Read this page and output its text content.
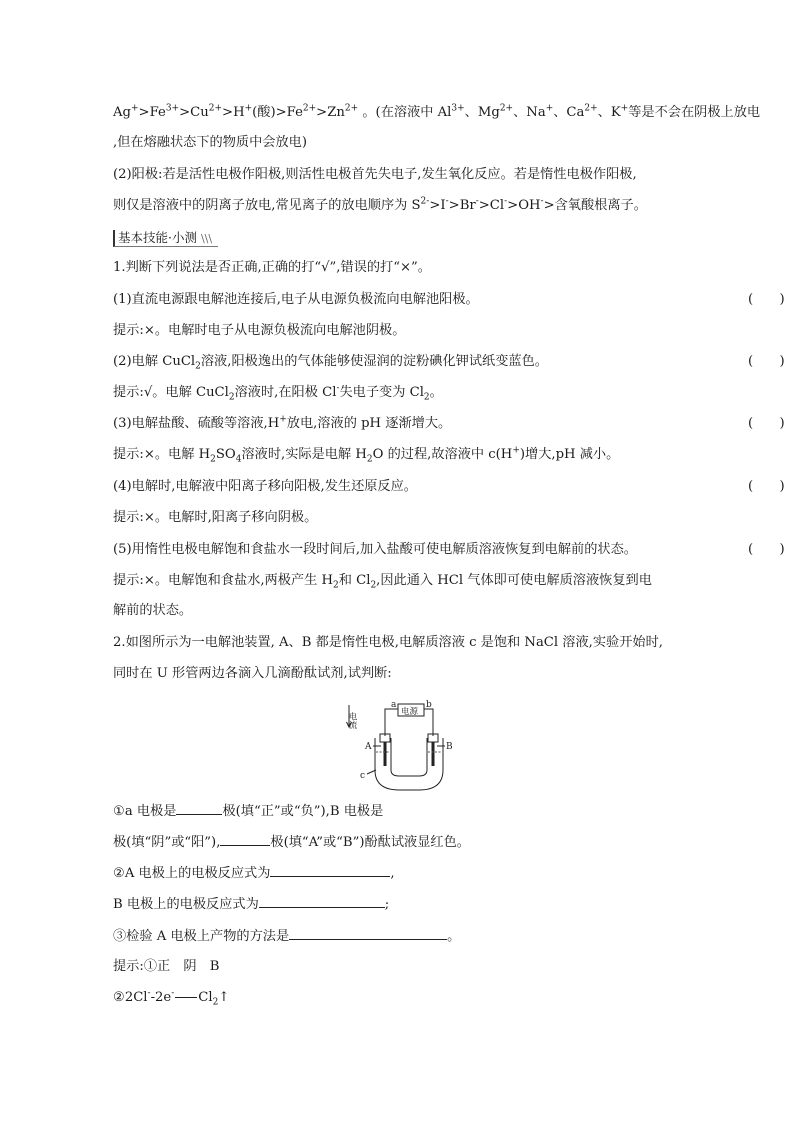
$Ag^+>Fe^{3+}>Cu^{2+}>H^+$(酸)$>Fe^{2+}>Zn^{2+}$ 。(在溶液中 $Al^{3+}$、$Mg^{2+}$、Na+、$Ca^{2+}$、K+等是不会在阴极上放电
,但在熔融状态下的物质中会放电)
(2)阳极:若是活性电极作阳极,则活性电极首先失电子,发生氧化反应。若是惰性电极作阳极,
则仅是溶液中的阴离子放电,常见离子的放电顺序为 $S^{2-}>I^->Br^->Cl^->OH^->$含氧酸根离子。
基本技能·小测 \\\
1.判断下列说法是否正确,正确的打“√”,错误的打“×”。
(1)直流电源跟电解池连接后,电子从电源负极流向电解池阳极。	(　　)
提示:×。电解时电子从电源负极流向电解池阴极。
(2)电解 CuCl$_2$溶液,阳极逸出的气体能够使湿润的淀粉碘化钾试纸变蓝色。	(　　)
提示:√。电解 CuCl$_2$溶液时,在阳极 Cl-失电子变为 $Cl_2$。
(3)电解盐酸、硫酸等溶液,H+放电,溶液的 pH 逐渐增大。	(　　)
提示:×。电解 $H_2SO_4$溶液时,实际是电解 $H_2O$ 的过程,故溶液中 c(H+)增大,pH 减小。
(4)电解时,电解液中阳离子移向阳极,发生还原反应。	(　　)
提示:×。电解时,阳离子移向阴极。
(5)用惰性电极电解饱和食盐水一段时间后,加入盐酸可使电解质溶液恢复到电解前的状态。	(　　)
提示:×。电解饱和食盐水,两极产生 $H_2$和 $Cl_2$,因此通入 HCl 气体即可使电解质溶液恢复到电
解前的状态。
2.如图所示为一电解池装置, A、B 都是惰性电极,电解质溶液 c 是饱和 NaCl 溶液,实验开始时,
同时在 U 形管两边各滴入几滴酚酞试剂,试判断:
电流
a	b
电源
A	B
c
①a 电极是	极(填“正”或“负”),B 电极是
极(填“阴”或“阳”),	极(填“A”或“B”)酚酞试液显红色。
②A 电极上的电极反应式为	,
B 电极上的电极反应式为	;
③检验 A 电极上产物的方法是	。
提示:①正　阴　B
②2Cl--2e- $Cl_2↑$
